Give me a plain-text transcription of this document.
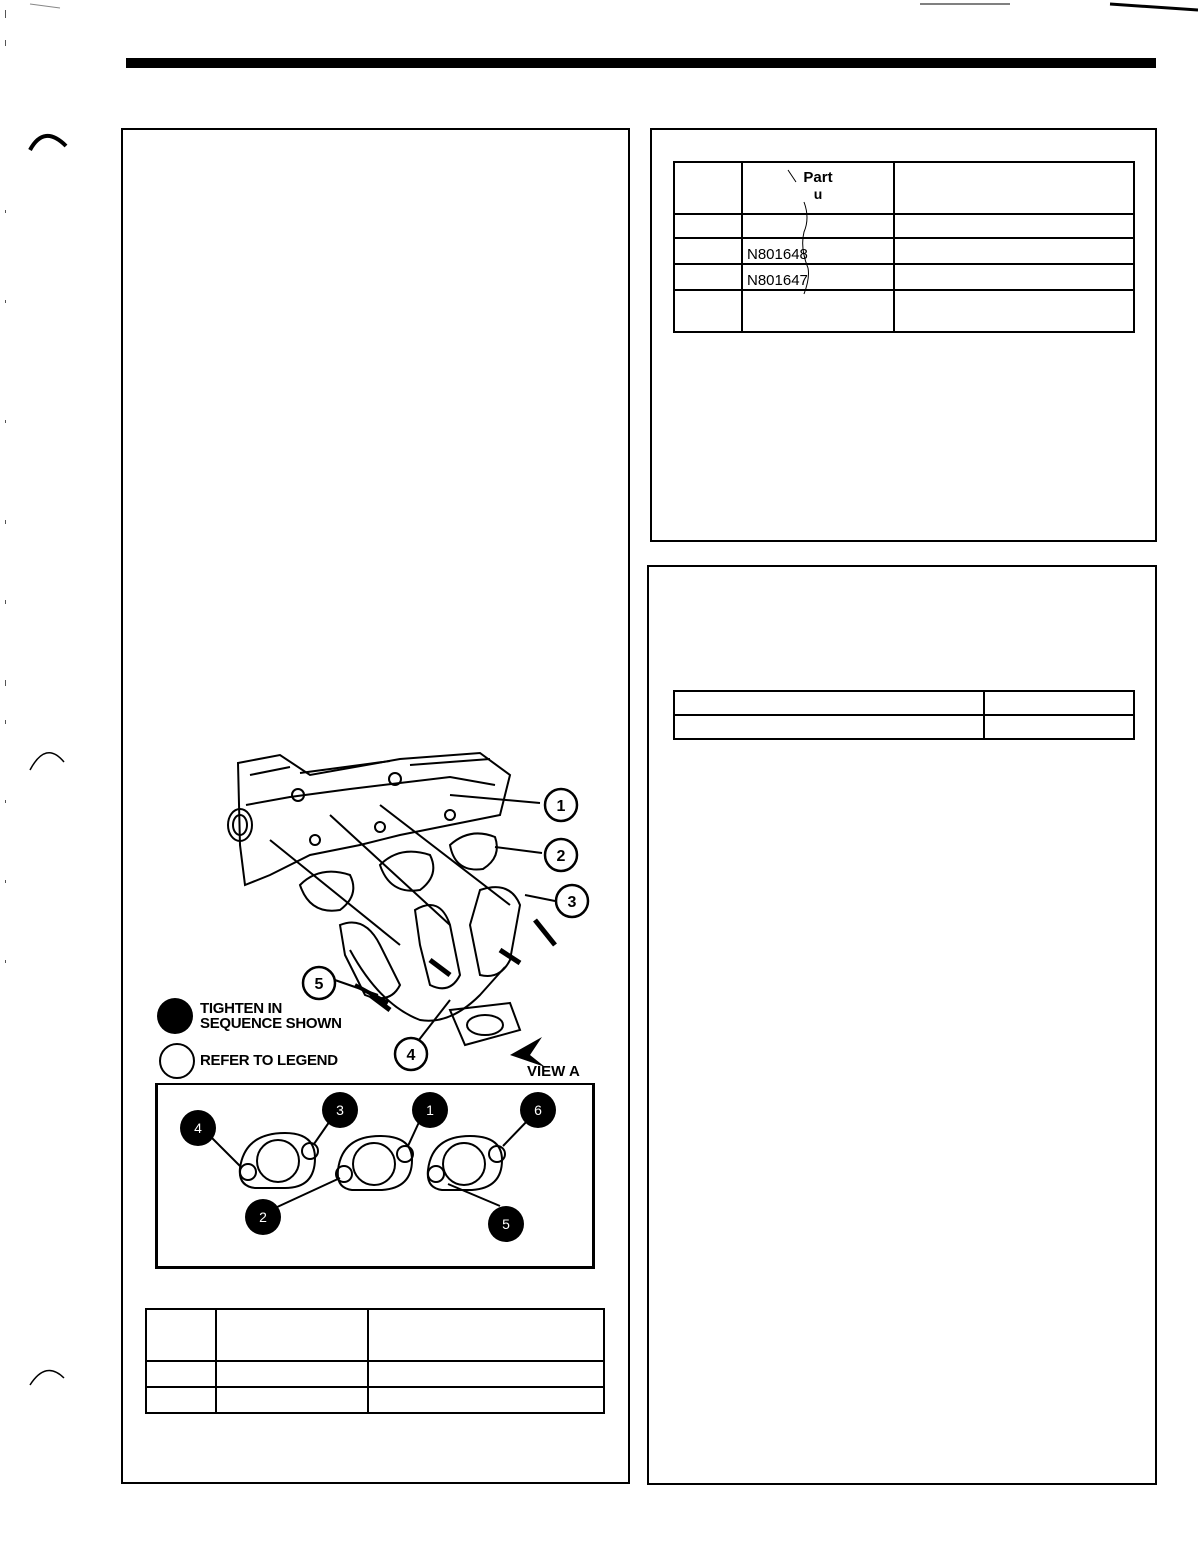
1
2
3
4
5
TIGHTEN IN
SEQUENCE SHOWN
REFER TO LEGEND
VIEW A
4
3	1	6
2	5

	Part
u	

	N801648	
	N801647	
